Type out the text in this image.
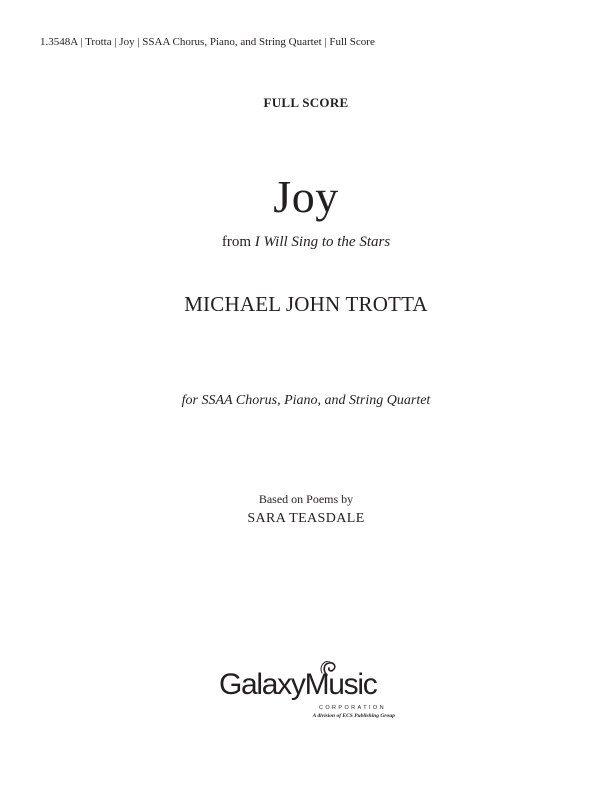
1.3548A | Trotta | Joy | SSAA Chorus, Piano, and String Quartet | Full Score
FULL SCORE
Joy
from I Will Sing to the Stars
MICHAEL JOHN TROTTA
for SSAA Chorus, Piano, and String Quartet
Based on Poems by
SARA TEASDALE
GalaxyMusic
CORPORATION
A division of ECS Publishing Group
